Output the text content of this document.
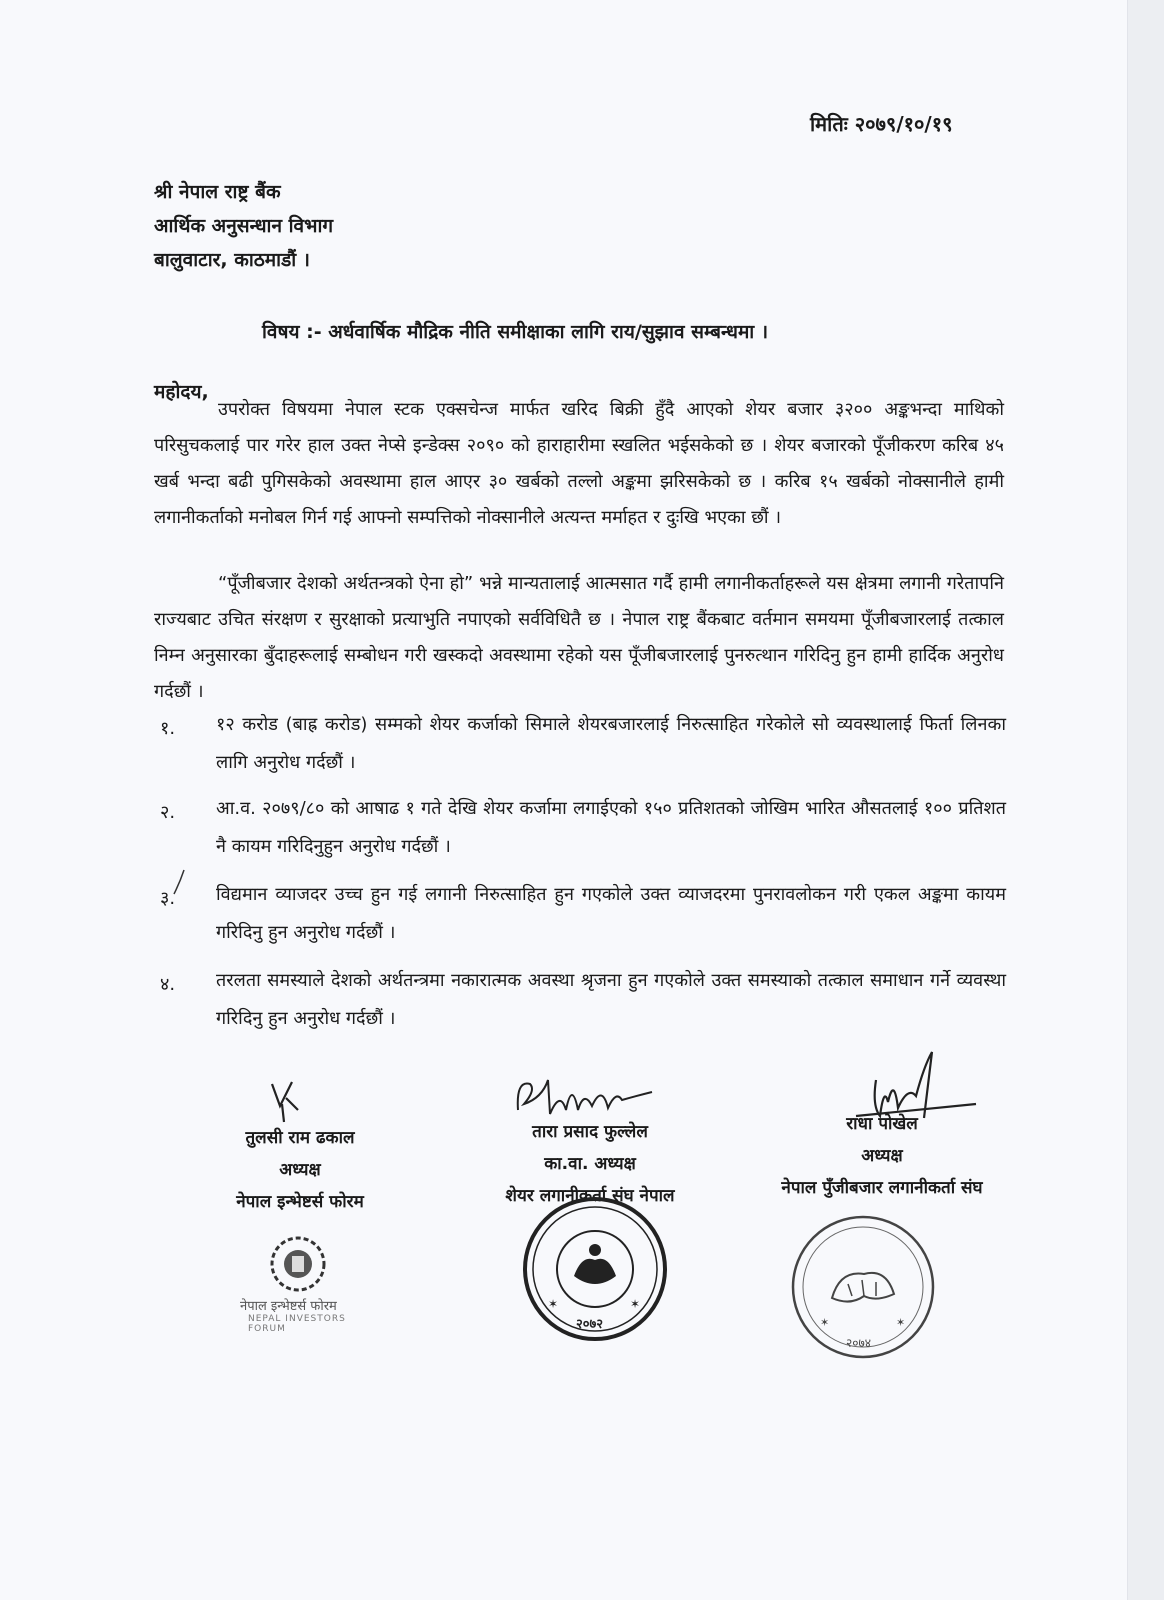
मितिः २०७९/१०/१९
श्री नेपाल राष्ट्र बैंक
आर्थिक अनुसन्धान विभाग
बालुवाटार, काठमाडौं ।
विषय :- अर्धवार्षिक मौद्रिक नीति समीक्षाका लागि राय/सुझाव सम्बन्धमा ।
महोदय,

उपरोक्त विषयमा नेपाल स्टक एक्सचेन्ज मार्फत खरिद बिक्री हुँदै आएको शेयर बजार ३२०० अङ्कभन्दा माथिको परिसुचकलाई पार गरेर हाल उक्त नेप्से इन्डेक्स २०९० को हाराहारीमा स्खलित भईसकेको छ । शेयर बजारको पूँजीकरण करिब ४५ खर्ब भन्दा बढी पुगिसकेको अवस्थामा हाल आएर ३० खर्बको तल्लो अङ्कमा झरिसकेको छ । करिब १५ खर्बको नोक्सानीले हामी लगानीकर्ताको मनोबल गिर्न गई आफ्नो सम्पत्तिको नोक्सानीले अत्यन्त मर्माहत र दुःखि भएका छौं ।

“पूँजीबजार देशको अर्थतन्त्रको ऐना हो” भन्ने मान्यतालाई आत्मसात गर्दै हामी लगानीकर्ताहरूले यस क्षेत्रमा लगानी गरेतापनि राज्यबाट उचित संरक्षण र सुरक्षाको प्रत्याभुति नपाएको सर्वविधितै छ । नेपाल राष्ट्र बैंकबाट वर्तमान समयमा पूँजीबजारलाई तत्काल निम्न अनुसारका बुँदाहरूलाई सम्बोधन गरी खस्कदो अवस्थामा रहेको यस पूँजीबजारलाई पुनरुत्थान गरिदिनु हुन हामी हार्दिक अनुरोध गर्दछौं ।

१.	१२ करोड (बाह्र करोड) सम्मको शेयर कर्जाको सिमाले शेयरबजारलाई निरुत्साहित गरेकोले सो व्यवस्थालाई फिर्ता लिनका लागि अनुरोध गर्दछौं ।
२.	आ.व. २०७९/८० को आषाढ १ गते देखि शेयर कर्जामा लगाईएको १५० प्रतिशतको जोखिम भारित औसतलाई १०० प्रतिशत नै कायम गरिदिनुहुन अनुरोध गर्दछौं ।
३.	विद्यमान व्याजदर उच्च हुन गई लगानी निरुत्साहित हुन गएकोले उक्त व्याजदरमा पुनरावलोकन गरी एकल अङ्कमा कायम गरिदिनु हुन अनुरोध गर्दछौं ।
४.	तरलता समस्याले देशको अर्थतन्त्रमा नकारात्मक अवस्था श्रृजना हुन गएकोले उक्त समस्याको तत्काल समाधान गर्ने व्यवस्था गरिदिनु हुन अनुरोध गर्दछौं ।
तुलसी राम ढकाल
अध्यक्ष
नेपाल इन्भेष्टर्स फोरम
तारा प्रसाद फुल्लेल
का.वा. अध्यक्ष
शेयर लगानीकर्ता संघ नेपाल
राधा पोखेल
अध्यक्ष
नेपाल पुँजीबजार लगानीकर्ता संघ
नेपाल इन्भेष्टर्स फोरम
NEPAL INVESTORS FORUM
✶	✶
२०७२	✶	✶
२०७४
